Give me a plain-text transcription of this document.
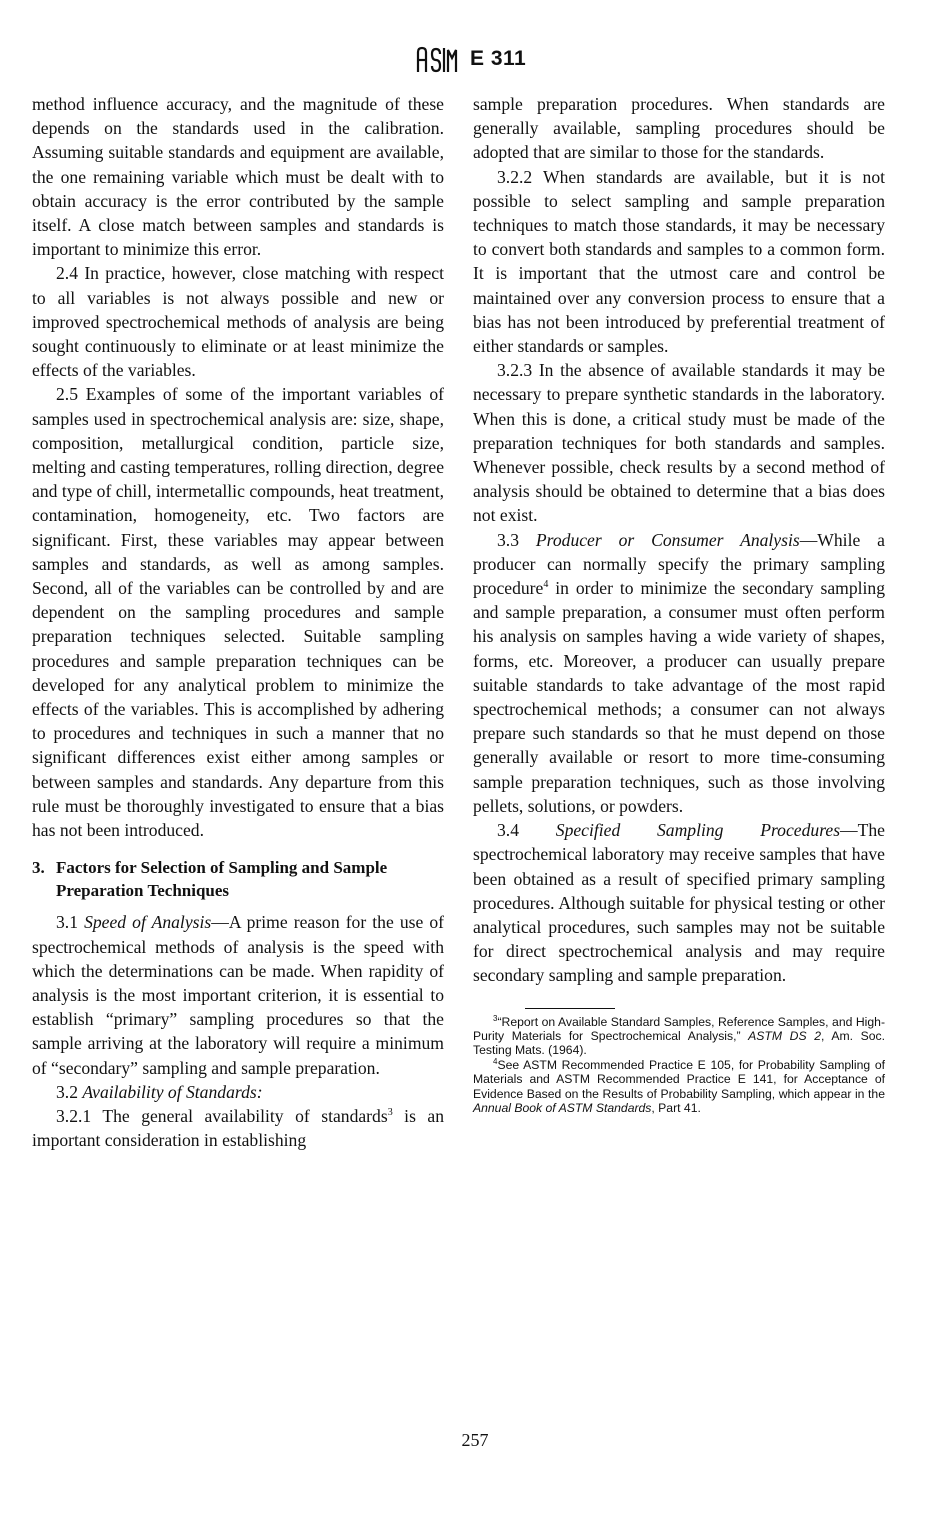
ASTM
E 311

method influence accuracy, and the magnitude of these depends on the standards used in the calibration. Assuming suitable standards and equipment are available, the one remaining variable which must be dealt with to obtain accuracy is the error contributed by the sample itself. A close match between samples and standards is important to minimize this error.

2.4 In practice, however, close matching with respect to all variables is not always possible and new or improved spectrochemical methods of analysis are being sought continuously to eliminate or at least minimize the effects of the variables.

2.5 Examples of some of the important variables of samples used in spectrochemical analysis are: size, shape, composition, metallurgical condition, particle size, melting and casting temperatures, rolling direction, degree and type of chill, intermetallic compounds, heat treatment, contamination, homogeneity, etc. Two factors are significant. First, these variables may appear between samples and standards, as well as among samples. Second, all of the variables can be controlled by and are dependent on the sampling procedures and sample preparation techniques selected. Suitable sampling procedures and sample preparation techniques can be developed for any analytical problem to minimize the effects of the variables. This is accomplished by adhering to procedures and techniques in such a manner that no significant differences exist either among samples or between samples and standards. Any departure from this rule must be thoroughly investigated to ensure that a bias has not been introduced.

3. Factors for Selection of Sampling and Sample Preparation Techniques

3.1 Speed of Analysis—A prime reason for the use of spectrochemical methods of analysis is the speed with which the determinations can be made. When rapidity of analysis is the most important criterion, it is essential to establish “primary” sampling procedures so that the sample arriving at the laboratory will require a minimum of “secondary” sampling and sample preparation.

3.2 Availability of Standards:

3.2.1 The general availability of standards$^3$ is an important consideration in establishing

sample preparation procedures. When standards are generally available, sampling procedures should be adopted that are similar to those for the standards.

3.2.2 When standards are available, but it is not possible to select sampling and sample preparation techniques to match those standards, it may be necessary to convert both standards and samples to a common form. It is important that the utmost care and control be maintained over any conversion process to ensure that a bias has not been introduced by preferential treatment of either standards or samples.

3.2.3 In the absence of available standards it may be necessary to prepare synthetic standards in the laboratory. When this is done, a critical study must be made of the preparation techniques for both standards and samples. Whenever possible, check results by a second method of analysis should be obtained to determine that a bias does not exist.

3.3 Producer or Consumer Analysis—While a producer can normally specify the primary sampling procedure$^4$ in order to minimize the secondary sampling and sample preparation, a consumer must often perform his analysis on samples having a wide variety of shapes, forms, etc. Moreover, a producer can usually prepare suitable standards to take advantage of the most rapid spectrochemical methods; a consumer can not always prepare such standards so that he must depend on those generally available or resort to more time-consuming sample preparation techniques, such as those involving pellets, solutions, or powders.

3.4 Specified Sampling Procedures—The spectrochemical laboratory may receive samples that have been obtained as a result of specified primary sampling procedures. Although suitable for physical testing or other analytical procedures, such samples may not be suitable for direct spectrochemical analysis and may require secondary sampling and sample preparation.

$^3$“Report on Available Standard Samples, Reference Samples, and High-Purity Materials for Spectrochemical Analysis,” ASTM DS 2, Am. Soc. Testing Mats. (1964).

$^4$See ASTM Recommended Practice E 105, for Probability Sampling of Materials and ASTM Recommended Practice E 141, for Acceptance of Evidence Based on the Results of Probability Sampling, which appear in the Annual Book of ASTM Standards, Part 41.

257
